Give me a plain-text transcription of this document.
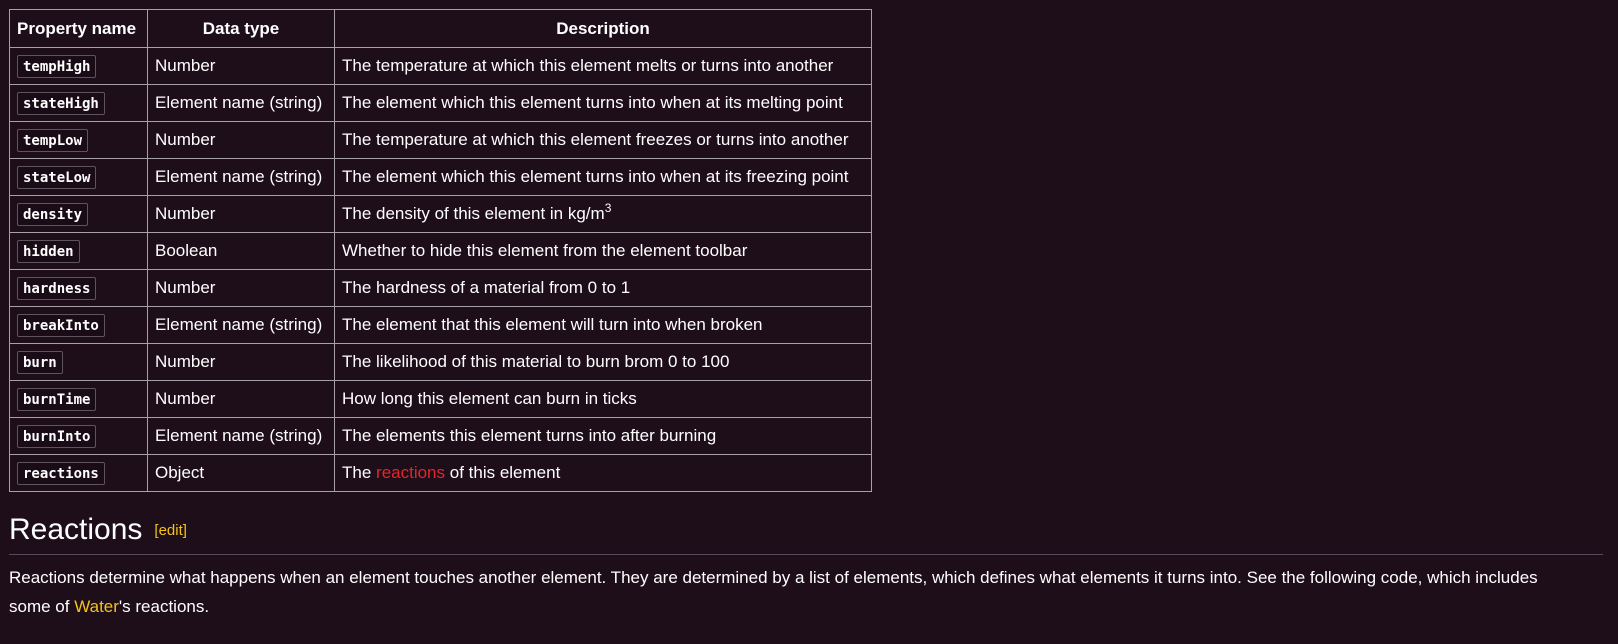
Property name	Data type	Description
tempHigh	Number	The temperature at which this element melts or turns into another
stateHigh	Element name (string)	The element which this element turns into when at its melting point
tempLow	Number	The temperature at which this element freezes or turns into another
stateLow	Element name (string)	The element which this element turns into when at its freezing point
density	Number	The density of this element in $kg/m^3$
hidden	Boolean	Whether to hide this element from the element toolbar
hardness	Number	The hardness of a material from 0 to 1
breakInto	Element name (string)	The element that this element will turn into when broken
burn	Number	The likelihood of this material to burn brom 0 to 100
burnTime	Number	How long this element can burn in ticks
burnInto	Element name (string)	The elements this element turns into after burning
reactions	Object	The reactions of this element
Reactions [edit]

Reactions determine what happens when an element touches another element. They are determined by a list of elements, which defines what elements it turns into. See the following code, which includes
some of Water's reactions.
